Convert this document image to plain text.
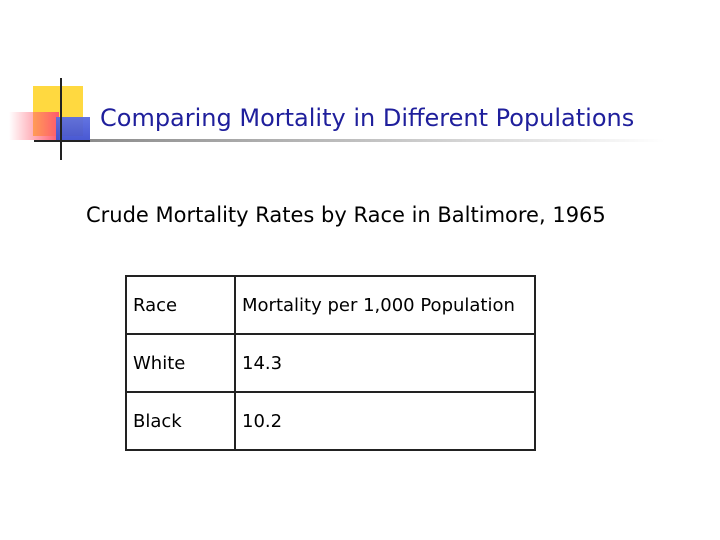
Comparing Mortality in Different Populations

Crude Mortality Rates by Race in Baltimore, 1965

Race	Mortality per 1,000 Population
White	14.3
Black	10.2
